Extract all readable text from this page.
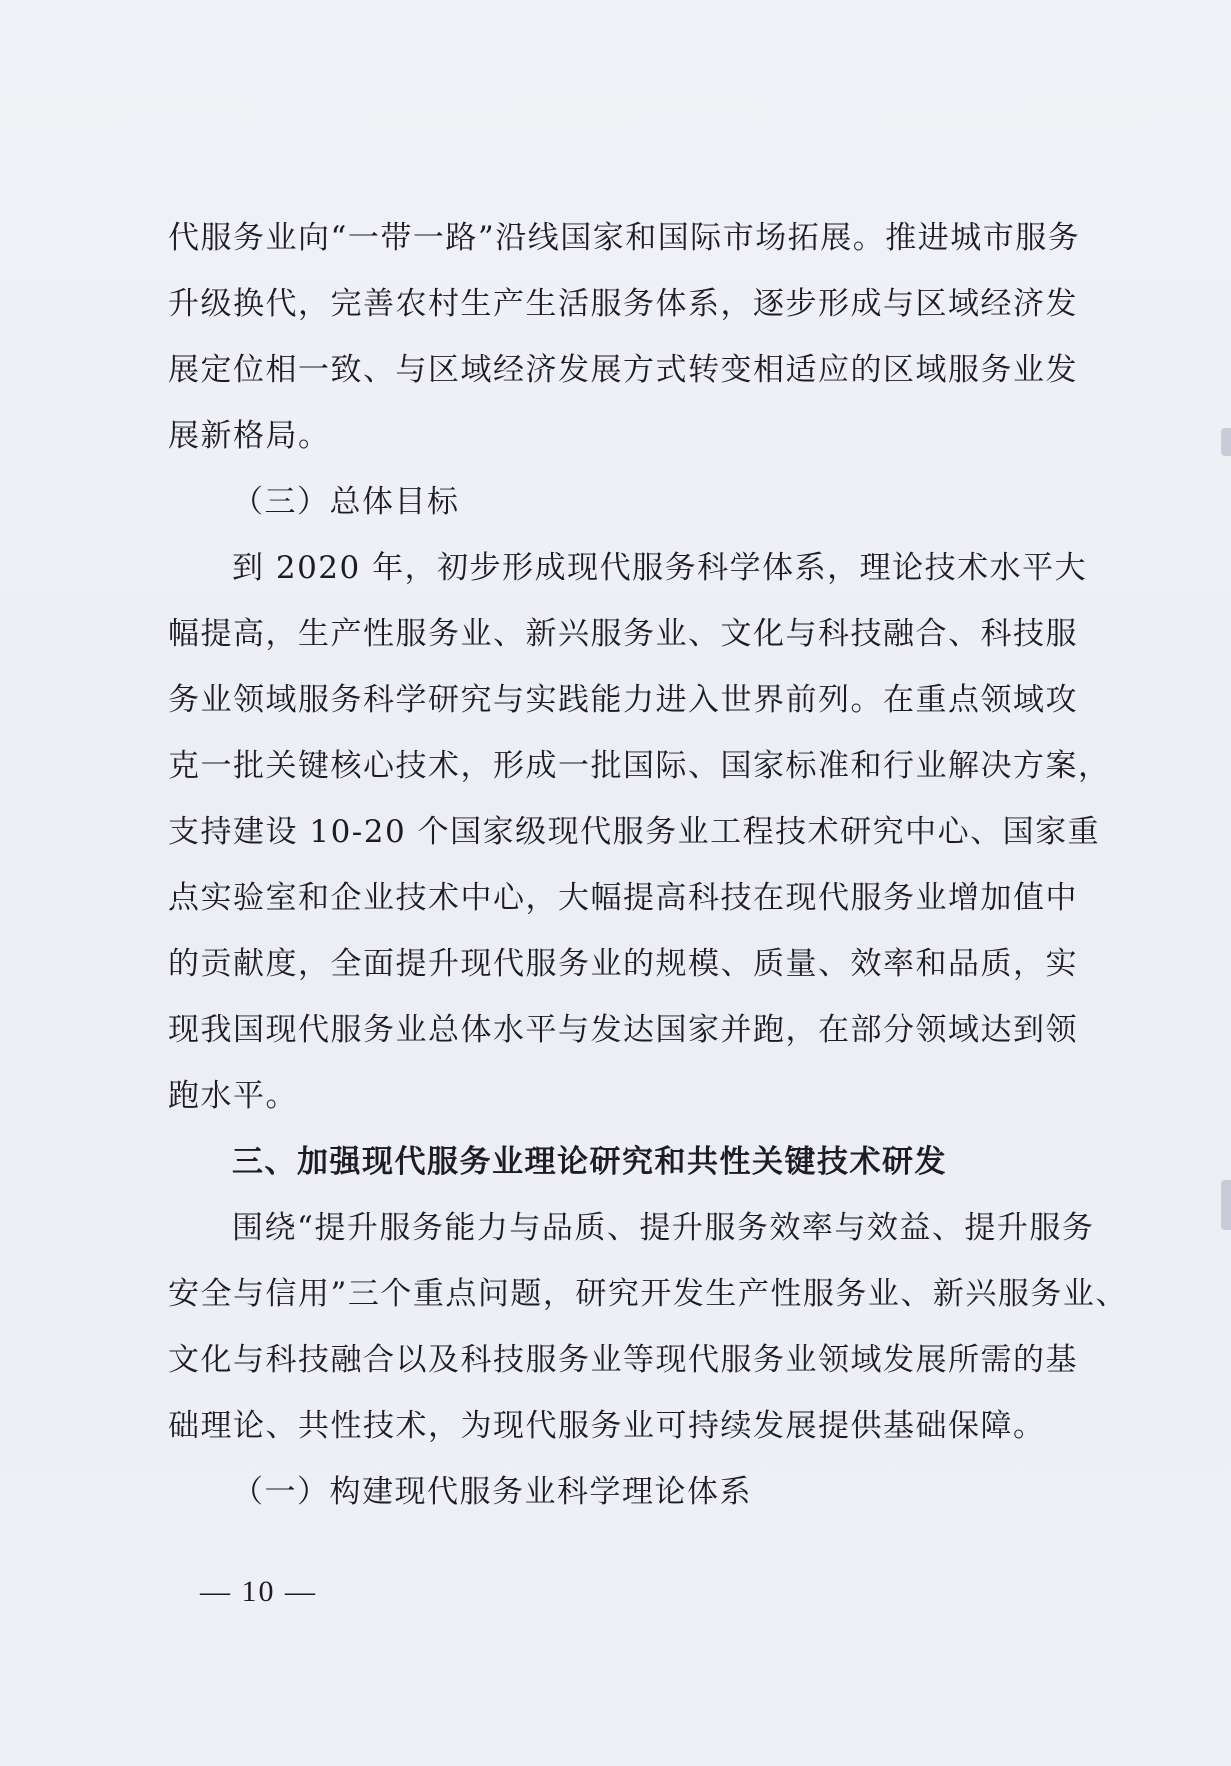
代服务业向“一带一路”沿线国家和国际市场拓展。推进城市服务
升级换代，完善农村生产生活服务体系，逐步形成与区域经济发
展定位相一致、与区域经济发展方式转变相适应的区域服务业发
展新格局。
（三）总体目标
到 2020 年，初步形成现代服务科学体系，理论技术水平大
幅提高，生产性服务业、新兴服务业、文化与科技融合、科技服
务业领域服务科学研究与实践能力进入世界前列。在重点领域攻
克一批关键核心技术，形成一批国际、国家标准和行业解决方案，
支持建设 10-20 个国家级现代服务业工程技术研究中心、国家重
点实验室和企业技术中心，大幅提高科技在现代服务业增加值中
的贡献度，全面提升现代服务业的规模、质量、效率和品质，实
现我国现代服务业总体水平与发达国家并跑，在部分领域达到领
跑水平。
三、加强现代服务业理论研究和共性关键技术研发
围绕“提升服务能力与品质、提升服务效率与效益、提升服务
安全与信用”三个重点问题，研究开发生产性服务业、新兴服务业、
文化与科技融合以及科技服务业等现代服务业领域发展所需的基
础理论、共性技术，为现代服务业可持续发展提供基础保障。
（一）构建现代服务业科学理论体系
— 10 —
